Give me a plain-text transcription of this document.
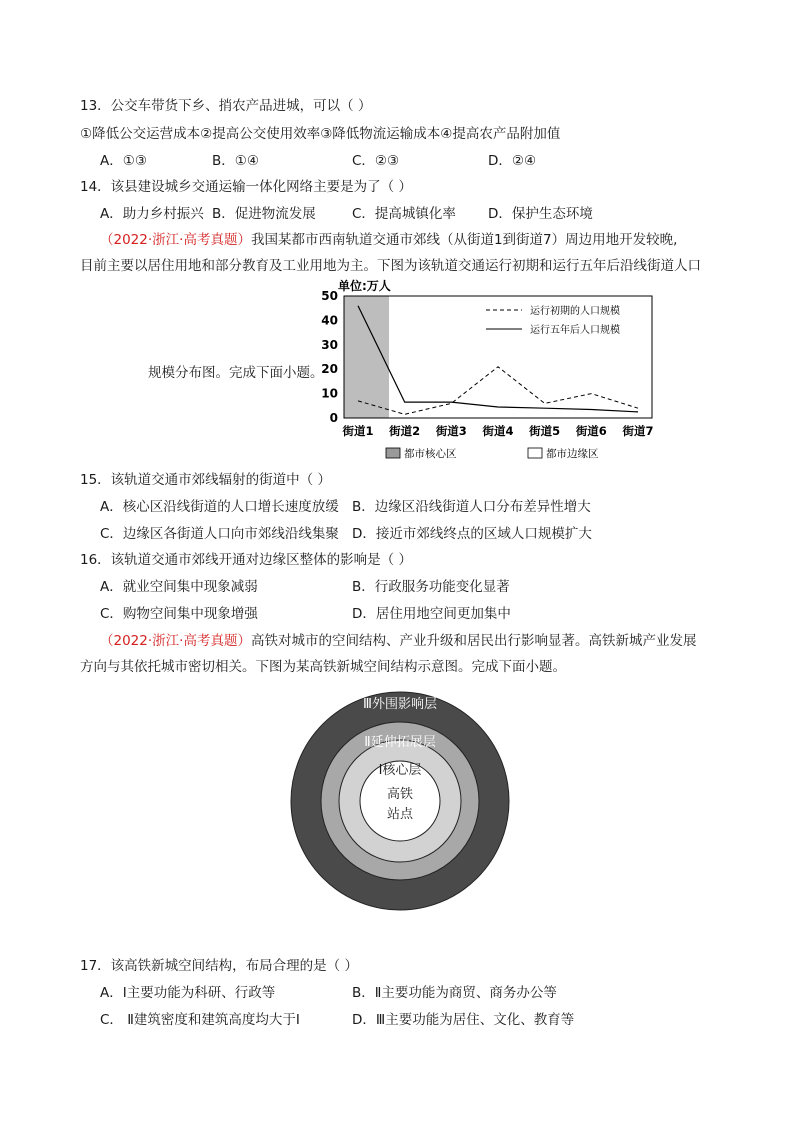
13．公交车带货下乡、捎农产品进城，可以（ ）
①降低公交运营成本②提高公交使用效率③降低物流运输成本④提高农产品附加值
A．①③	B．①④	C．②③	D．②④
14．该县建设城乡交通运输一体化网络主要是为了（ ）
A．助力乡村振兴 B．促进物流发展	C．提高城镇化率 D．保护生态环境
（2022·浙江·高考真题）我国某都市西南轨道交通市郊线（从街道1到街道7）周边用地开发较晚,
目前主要以居住用地和部分教育及工业用地为主。下图为该轨道交通运行初期和运行五年后沿线街道人口
规模分布图。完成下面小题。
单位:万人
0
10
20
30
40
50
街道1 街道2 街道3 街道4 街道5 街道6 街道7
运行初期的人口规模
运行五年后人口规模
都市核心区	都市边缘区
15．该轨道交通市郊线辐射的街道中（ ）
A．核心区沿线街道的人口增长速度放缓 B．边缘区沿线街道人口分布差异性增大
C．边缘区各街道人口向市郊线沿线集聚 D．接近市郊线终点的区域人口规模扩大
16．该轨道交通市郊线开通对边缘区整体的影响是（ ）
A．就业空间集中现象减弱	B．行政服务功能变化显著
C．购物空间集中现象增强	D．居住用地空间更加集中
（2022·浙江·高考真题）高铁对城市的空间结构、产业升级和居民出行影响显著。高铁新城产业发展
方向与其依托城市密切相关。下图为某高铁新城空间结构示意图。完成下面小题。
Ⅲ外围影响层
Ⅱ延伸拓展层
Ⅰ核心层
高铁
站点
17．该高铁新城空间结构，布局合理的是（ ）
A．Ⅰ主要功能为科研、行政等	B．Ⅱ主要功能为商贸、商务办公等
C． Ⅱ建筑密度和建筑高度均大于Ⅰ	D．Ⅲ主要功能为居住、文化、教育等
